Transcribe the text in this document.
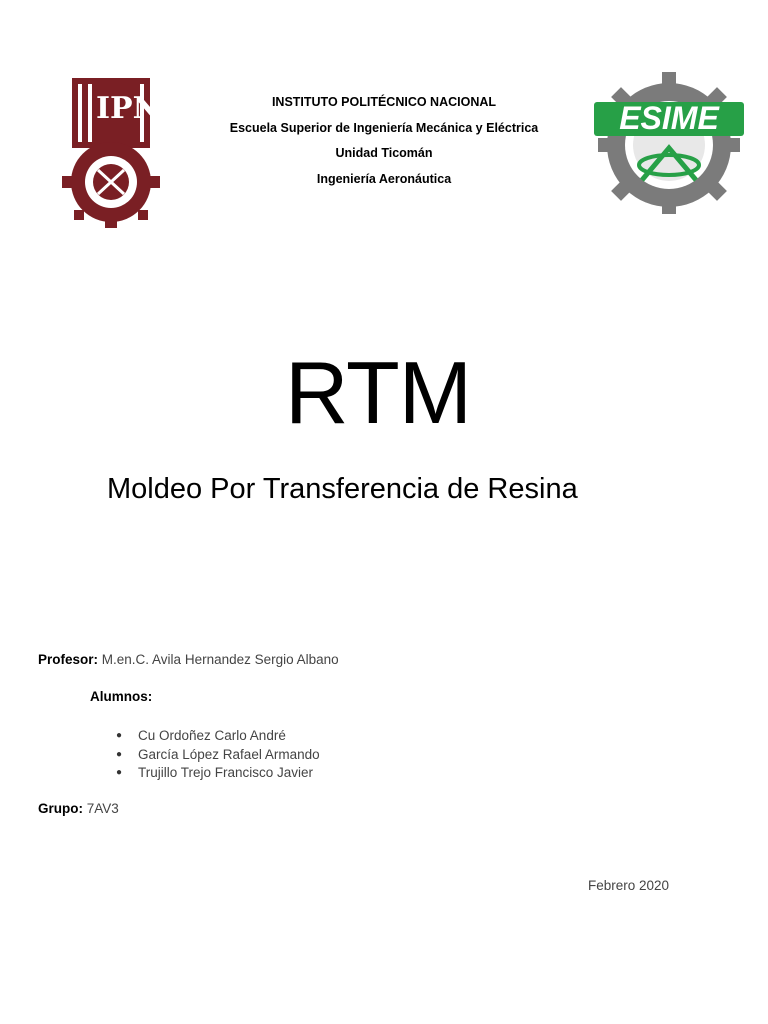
IPN	INSTITUTO POLITÉCNICO NACIONAL
Escuela Superior de Ingeniería Mecánica y Eléctrica
Unidad Ticomán
Ingeniería Aeronáutica
ESIME
RTM
Moldeo Por Transferencia de Resina
Profesor: M.en.C. Avila Hernandez Sergio Albano
Alumnos:
● Cu Ordoñez Carlo André
● García López Rafael Armando
● Trujillo Trejo Francisco Javier
Grupo: 7AV3
Febrero 2020
